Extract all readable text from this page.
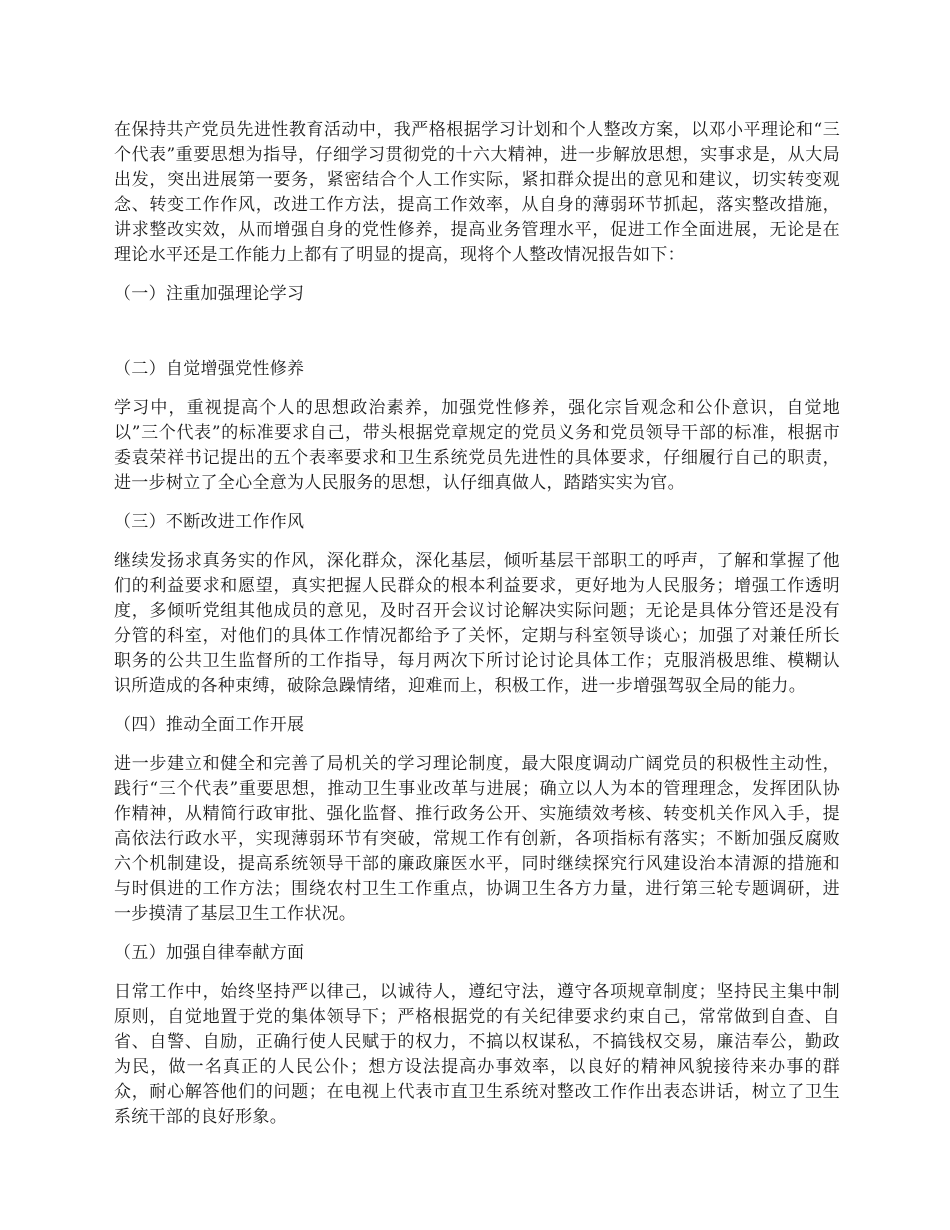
在保持共产党员先进性教育活动中，我严格根据学习计划和个人整改方案，以邓小平理论和“三个代表”重要思想为指导，仔细学习贯彻党的十六大精神，进一步解放思想，实事求是，从大局出发，突出进展第一要务，紧密结合个人工作实际，紧扣群众提出的意见和建议，切实转变观念、转变工作作风，改进工作方法，提高工作效率，从自身的薄弱环节抓起，落实整改措施，讲求整改实效，从而增强自身的党性修养，提高业务管理水平，促进工作全面进展，无论是在理论水平还是工作能力上都有了明显的提高，现将个人整改情况报告如下：

（一）注重加强理论学习

（二）自觉增强党性修养

学习中，重视提高个人的思想政治素养，加强党性修养，强化宗旨观念和公仆意识，自觉地以”三个代表”的标准要求自己，带头根据党章规定的党员义务和党员领导干部的标准，根据市委袁荣祥书记提出的五个表率要求和卫生系统党员先进性的具体要求，仔细履行自己的职责，进一步树立了全心全意为人民服务的思想，认仔细真做人，踏踏实实为官。

（三）不断改进工作作风

继续发扬求真务实的作风，深化群众，深化基层，倾听基层干部职工的呼声，了解和掌握了他们的利益要求和愿望，真实把握人民群众的根本利益要求，更好地为人民服务；增强工作透明度，多倾听党组其他成员的意见，及时召开会议讨论解决实际问题；无论是具体分管还是没有分管的科室，对他们的具体工作情况都给予了关怀，定期与科室领导谈心；加强了对兼任所长职务的公共卫生监督所的工作指导，每月两次下所讨论讨论具体工作；克服消极思维、模糊认识所造成的各种束缚，破除急躁情绪，迎难而上，积极工作，进一步增强驾驭全局的能力。

（四）推动全面工作开展

进一步建立和健全和完善了局机关的学习理论制度，最大限度调动广阔党员的积极性主动性，践行“三个代表”重要思想，推动卫生事业改革与进展；确立以人为本的管理理念，发挥团队协作精神，从精简行政审批、强化监督、推行政务公开、实施绩效考核、转变机关作风入手，提高依法行政水平，实现薄弱环节有突破，常规工作有创新，各项指标有落实；不断加强反腐败六个机制建设，提高系统领导干部的廉政廉医水平，同时继续探究行风建设治本清源的措施和与时俱进的工作方法；围绕农村卫生工作重点，协调卫生各方力量，进行第三轮专题调研，进一步摸清了基层卫生工作状况。

（五）加强自律奉献方面

日常工作中，始终坚持严以律己，以诚待人，遵纪守法，遵守各项规章制度；坚持民主集中制原则，自觉地置于党的集体领导下；严格根据党的有关纪律要求约束自己，常常做到自查、自省、自警、自励，正确行使人民赋于的权力，不搞以权谋私，不搞钱权交易，廉洁奉公，勤政为民，做一名真正的人民公仆；想方设法提高办事效率，以良好的精神风貌接待来办事的群众，耐心解答他们的问题；在电视上代表市直卫生系统对整改工作作出表态讲话，树立了卫生系统干部的良好形象。
